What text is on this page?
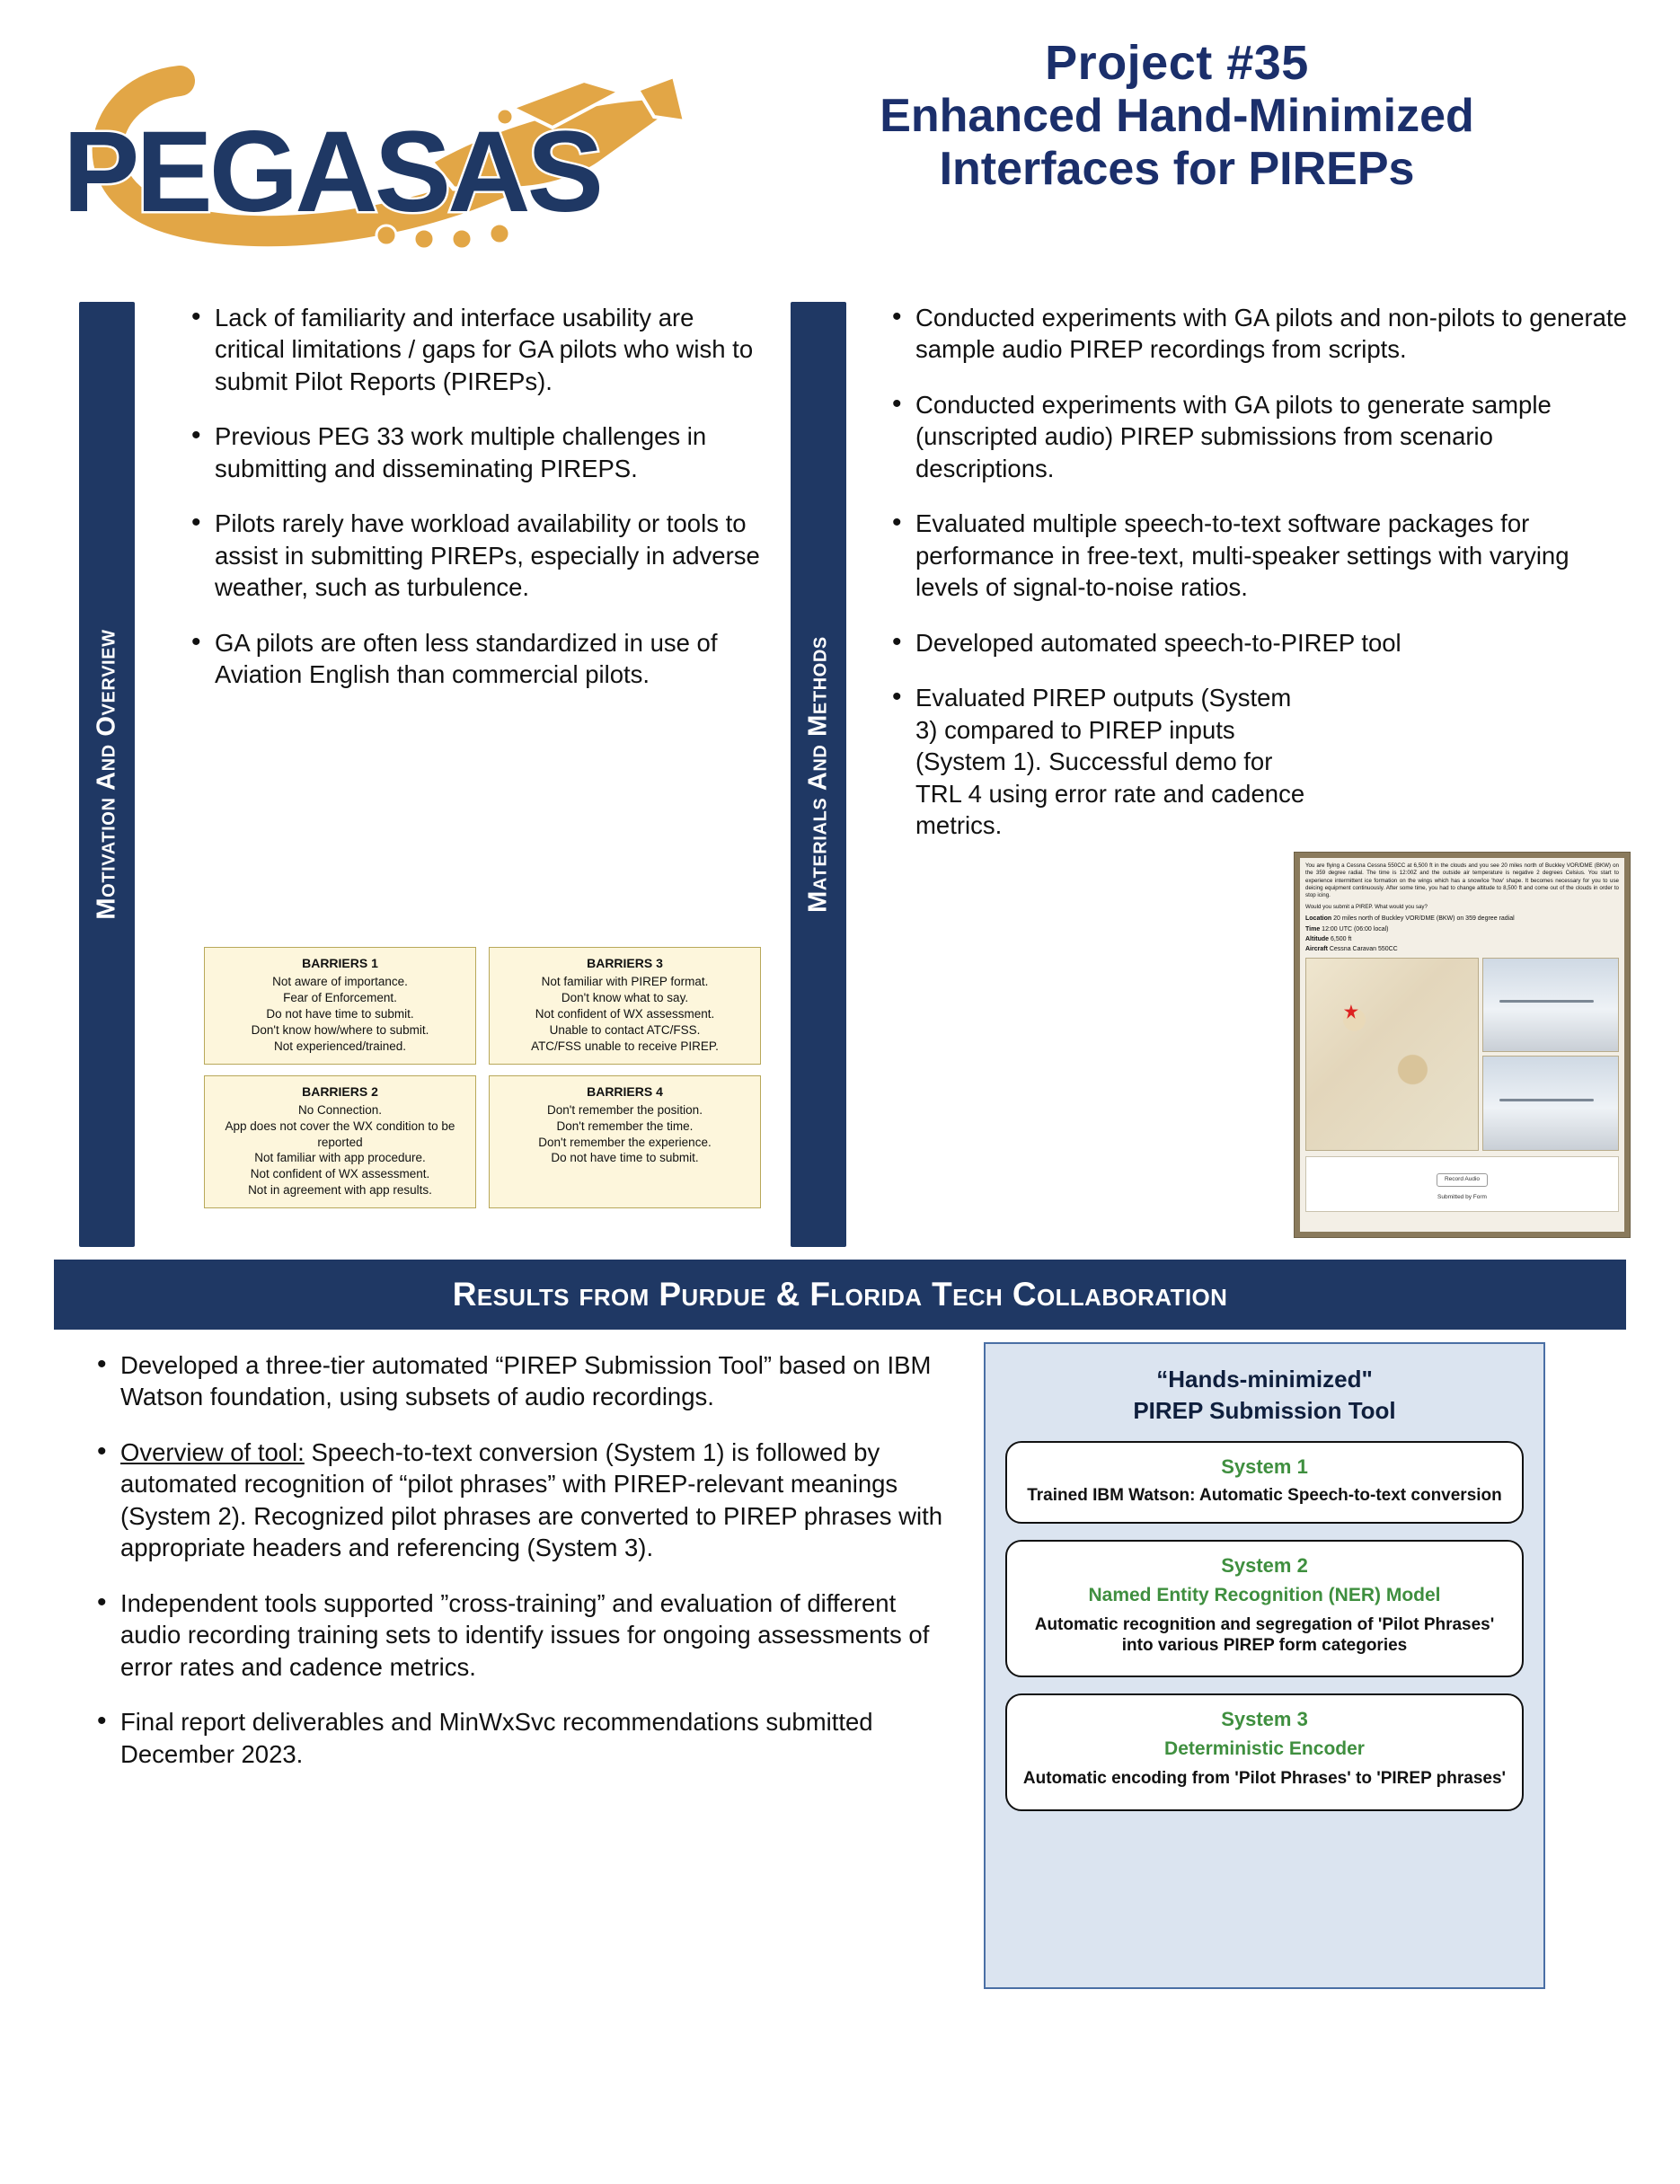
PEGASAS
Project #35
Enhanced Hand-Minimized
Interfaces for PIREPs
Motivation And Overview
• Lack of familiarity and interface usability are critical limitations / gaps for GA pilots who wish to submit Pilot Reports (PIREPs).
• Previous PEG 33 work multiple challenges in submitting and disseminating PIREPS.
• Pilots rarely have workload availability or tools to assist in submitting PIREPs, especially in adverse weather, such as turbulence.
• GA pilots are often less standardized in use of Aviation English than commercial pilots.
BARRIERS 1
Not aware of importance.
Fear of Enforcement.
Do not have time to submit.
Don't know how/where to submit.
Not experienced/trained.
BARRIERS 3
Not familiar with PIREP format.
Don't know what to say.
Not confident of WX assessment.
Unable to contact ATC/FSS.
ATC/FSS unable to receive PIREP.
BARRIERS 2
No Connection.
App does not cover the WX condition to be reported
Not familiar with app procedure.
Not confident of WX assessment.
Not in agreement with app results.
BARRIERS 4
Don't remember the position.
Don't remember the time.
Don't remember the experience.
Do not have time to submit.
Materials And Methods
• Conducted experiments with GA pilots and non-pilots to generate sample audio PIREP recordings from scripts.
• Conducted experiments with GA pilots to generate sample (unscripted audio) PIREP submissions from scenario descriptions.
• Evaluated multiple speech-to-text software packages for performance in free-text, multi-speaker settings with varying levels of signal-to-noise ratios.
• Developed automated speech-to-PIREP tool
• Evaluated PIREP outputs (System 3) compared to PIREP inputs (System 1). Successful demo for TRL 4 using error rate and cadence metrics.
You are flying a Cessna Cessna 550CC at 6,500 ft in the clouds and you see 20 miles north of Buckley VOR/DME (BKW) on the 359 degree radial. The time is 12:00Z and the outside air temperature is negative 2 degrees Celsius. You start to experience intermittent ice formation on the wings which has a snow/ice 'how' shape. It becomes necessary for you to use deicing equipment continuously. After some time, you had to change altitude to 8,500 ft and come out of the clouds in order to stop icing.
Would you submit a PIREP. What would you say?
Location 20 miles north of Buckley VOR/DME (BKW) on 359 degree radial
Time 12:00 UTC (06:00 local)
Altitude 6,500 ft
Aircraft Cessna Caravan 550CC
Record Audio
Submitted by Form
Results from Purdue & Florida Tech Collaboration
• Developed a three-tier automated “PIREP Submission Tool” based on IBM Watson foundation, using subsets of audio recordings.
• Overview of tool: Speech-to-text conversion (System 1) is followed by automated recognition of “pilot phrases” with PIREP-relevant meanings (System 2). Recognized pilot phrases are converted to PIREP phrases with appropriate headers and referencing (System 3).
• Independent tools supported ”cross-training” and evaluation of different audio recording training sets to identify issues for ongoing assessments of error rates and cadence metrics.
• Final report deliverables and MinWxSvc recommendations submitted December 2023.
“Hands-minimized"
PIREP Submission Tool
System 1
Trained IBM Watson: Automatic Speech-to-text conversion
System 2
Named Entity Recognition (NER) Model
Automatic recognition and segregation of 'Pilot Phrases' into various PIREP form categories
System 3
Deterministic Encoder
Automatic encoding from 'Pilot Phrases' to 'PIREP phrases'
